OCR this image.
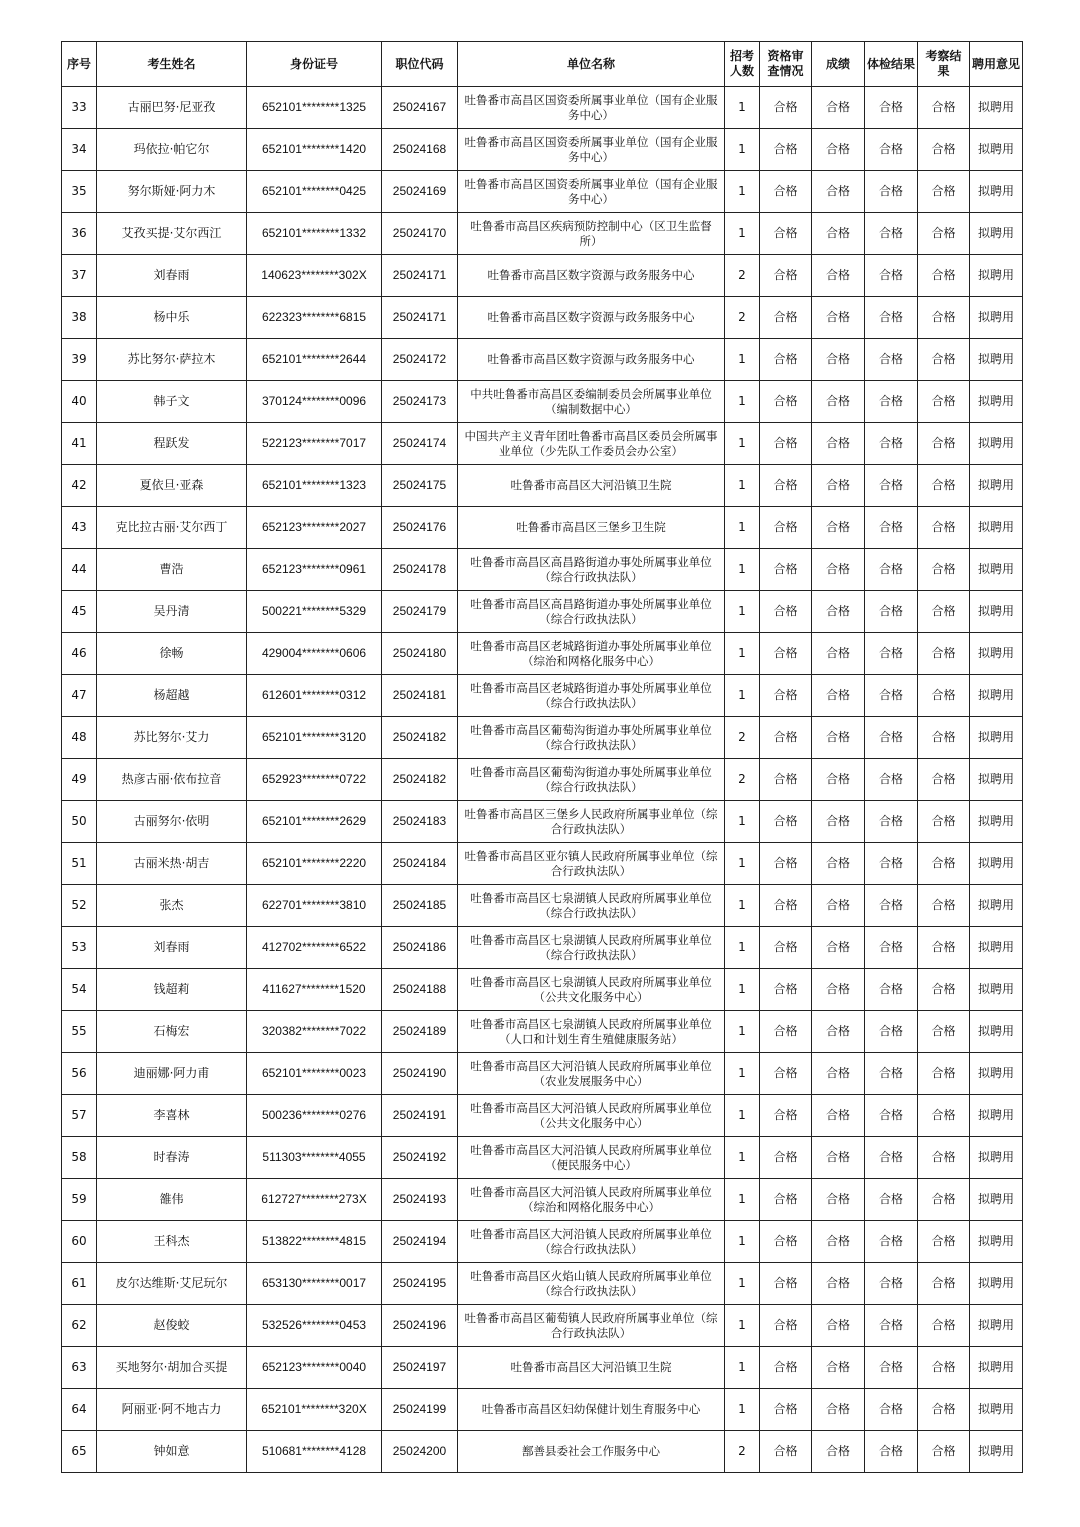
序号	考生姓名	身份证号	职位代码	单位名称	招考人数	资格审查情况	成绩	体检结果	考察结果	聘用意见
33	古丽巴努·尼亚孜	652101********1325	25024167	吐鲁番市高昌区国资委所属事业单位（国有企业服务中心）	1	合格	合格	合格	合格	拟聘用
34	玛依拉·帕它尔	652101********1420	25024168	吐鲁番市高昌区国资委所属事业单位（国有企业服务中心）	1	合格	合格	合格	合格	拟聘用
35	努尔斯娅·阿力木	652101********0425	25024169	吐鲁番市高昌区国资委所属事业单位（国有企业服务中心）	1	合格	合格	合格	合格	拟聘用
36	艾孜买提·艾尔西江	652101********1332	25024170	吐鲁番市高昌区疾病预防控制中心（区卫生监督所）	1	合格	合格	合格	合格	拟聘用
37	刘春雨	140623********302X	25024171	吐鲁番市高昌区数字资源与政务服务中心	2	合格	合格	合格	合格	拟聘用
38	杨中乐	622323********6815	25024171	吐鲁番市高昌区数字资源与政务服务中心	2	合格	合格	合格	合格	拟聘用
39	苏比努尔·萨拉木	652101********2644	25024172	吐鲁番市高昌区数字资源与政务服务中心	1	合格	合格	合格	合格	拟聘用
40	韩子文	370124********0096	25024173	中共吐鲁番市高昌区委编制委员会所属事业单位（编制数据中心）	1	合格	合格	合格	合格	拟聘用
41	程跃发	522123********7017	25024174	中国共产主义青年团吐鲁番市高昌区委员会所属事业单位（少先队工作委员会办公室）	1	合格	合格	合格	合格	拟聘用
42	夏依旦·亚森	652101********1323	25024175	吐鲁番市高昌区大河沿镇卫生院	1	合格	合格	合格	合格	拟聘用
43	克比拉古丽·艾尔西丁	652123********2027	25024176	吐鲁番市高昌区三堡乡卫生院	1	合格	合格	合格	合格	拟聘用
44	曹浩	652123********0961	25024178	吐鲁番市高昌区高昌路街道办事处所属事业单位（综合行政执法队）	1	合格	合格	合格	合格	拟聘用
45	吴丹清	500221********5329	25024179	吐鲁番市高昌区高昌路街道办事处所属事业单位（综合行政执法队）	1	合格	合格	合格	合格	拟聘用
46	徐畅	429004********0606	25024180	吐鲁番市高昌区老城路街道办事处所属事业单位（综治和网格化服务中心）	1	合格	合格	合格	合格	拟聘用
47	杨超越	612601********0312	25024181	吐鲁番市高昌区老城路街道办事处所属事业单位（综合行政执法队）	1	合格	合格	合格	合格	拟聘用
48	苏比努尔·艾力	652101********3120	25024182	吐鲁番市高昌区葡萄沟街道办事处所属事业单位（综合行政执法队）	2	合格	合格	合格	合格	拟聘用
49	热彦古丽·依布拉音	652923********0722	25024182	吐鲁番市高昌区葡萄沟街道办事处所属事业单位（综合行政执法队）	2	合格	合格	合格	合格	拟聘用
50	古丽努尔·依明	652101********2629	25024183	吐鲁番市高昌区三堡乡人民政府所属事业单位（综合行政执法队）	1	合格	合格	合格	合格	拟聘用
51	古丽米热·胡吉	652101********2220	25024184	吐鲁番市高昌区亚尔镇人民政府所属事业单位（综合行政执法队）	1	合格	合格	合格	合格	拟聘用
52	张杰	622701********3810	25024185	吐鲁番市高昌区七泉湖镇人民政府所属事业单位（综合行政执法队）	1	合格	合格	合格	合格	拟聘用
53	刘春雨	412702********6522	25024186	吐鲁番市高昌区七泉湖镇人民政府所属事业单位（综合行政执法队）	1	合格	合格	合格	合格	拟聘用
54	钱超莉	411627********1520	25024188	吐鲁番市高昌区七泉湖镇人民政府所属事业单位（公共文化服务中心）	1	合格	合格	合格	合格	拟聘用
55	石梅宏	320382********7022	25024189	吐鲁番市高昌区七泉湖镇人民政府所属事业单位（人口和计划生育生殖健康服务站）	1	合格	合格	合格	合格	拟聘用
56	迪丽娜·阿力甫	652101********0023	25024190	吐鲁番市高昌区大河沿镇人民政府所属事业单位（农业发展服务中心）	1	合格	合格	合格	合格	拟聘用
57	李喜林	500236********0276	25024191	吐鲁番市高昌区大河沿镇人民政府所属事业单位（公共文化服务中心）	1	合格	合格	合格	合格	拟聘用
58	时春涛	511303********4055	25024192	吐鲁番市高昌区大河沿镇人民政府所属事业单位（便民服务中心）	1	合格	合格	合格	合格	拟聘用
59	雒伟	612727********273X	25024193	吐鲁番市高昌区大河沿镇人民政府所属事业单位（综治和网格化服务中心）	1	合格	合格	合格	合格	拟聘用
60	王科杰	513822********4815	25024194	吐鲁番市高昌区大河沿镇人民政府所属事业单位（综合行政执法队）	1	合格	合格	合格	合格	拟聘用
61	皮尔达维斯·艾尼玩尔	653130********0017	25024195	吐鲁番市高昌区火焰山镇人民政府所属事业单位（综合行政执法队）	1	合格	合格	合格	合格	拟聘用
62	赵俊蛟	532526********0453	25024196	吐鲁番市高昌区葡萄镇人民政府所属事业单位（综合行政执法队）	1	合格	合格	合格	合格	拟聘用
63	买地努尔·胡加合买提	652123********0040	25024197	吐鲁番市高昌区大河沿镇卫生院	1	合格	合格	合格	合格	拟聘用
64	阿丽亚·阿不地古力	652101********320X	25024199	吐鲁番市高昌区妇幼保健计划生育服务中心	1	合格	合格	合格	合格	拟聘用
65	钟如意	510681********4128	25024200	鄯善县委社会工作服务中心	2	合格	合格	合格	合格	拟聘用
